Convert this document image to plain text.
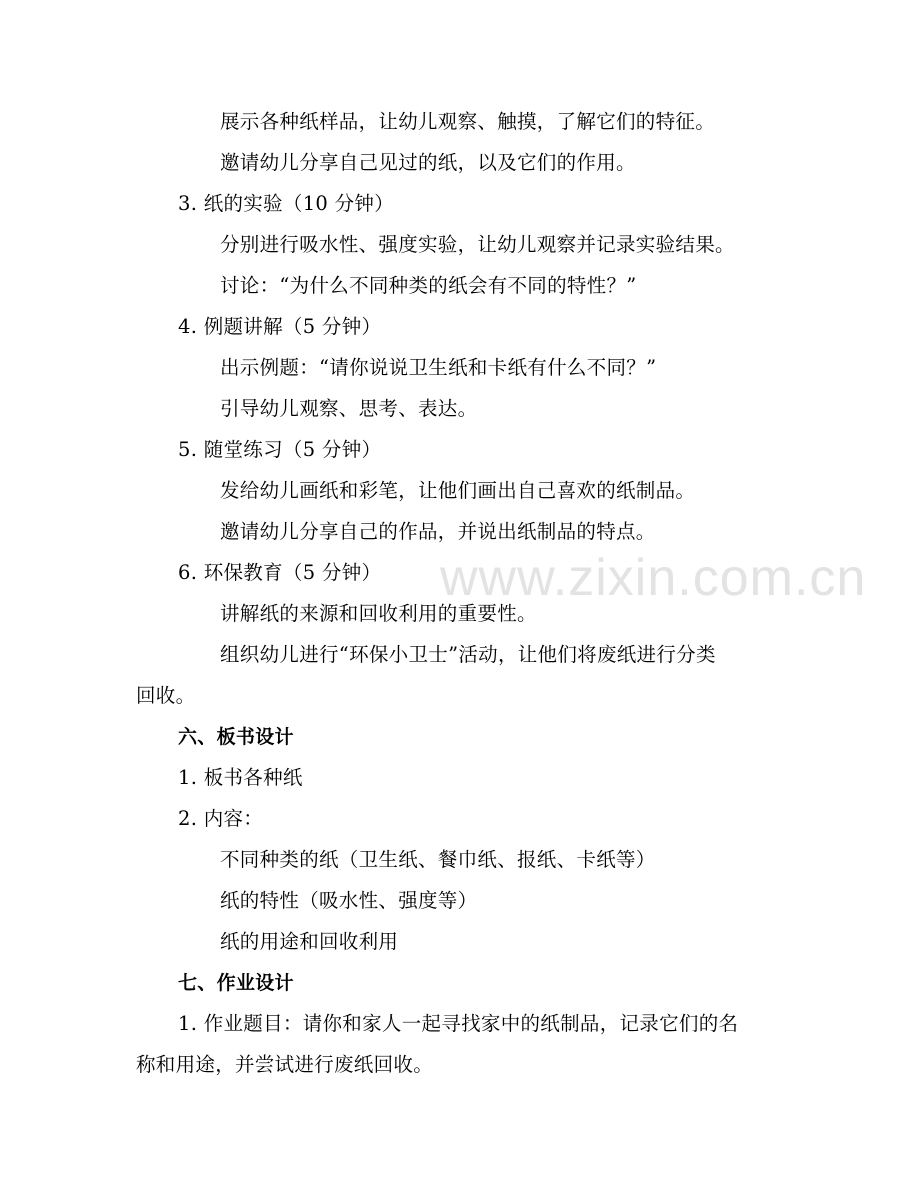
www.zixin.com.cn
展示各种纸样品，让幼儿观察、触摸，了解它们的特征。
邀请幼儿分享自己见过的纸，以及它们的作用。
3. 纸的实验（10 分钟）
分别进行吸水性、强度实验，让幼儿观察并记录实验结果。
讨论：“为什么不同种类的纸会有不同的特性？”
4. 例题讲解（5 分钟）
出示例题：“请你说说卫生纸和卡纸有什么不同？”
引导幼儿观察、思考、表达。
5. 随堂练习（5 分钟）
发给幼儿画纸和彩笔，让他们画出自己喜欢的纸制品。
邀请幼儿分享自己的作品，并说出纸制品的特点。
6. 环保教育（5 分钟）
讲解纸的来源和回收利用的重要性。
组织幼儿进行“环保小卫士”活动，让他们将废纸进行分类
回收。
六、板书设计
1. 板书各种纸
2. 内容：
不同种类的纸（卫生纸、餐巾纸、报纸、卡纸等）
纸的特性（吸水性、强度等）
纸的用途和回收利用
七、作业设计
1. 作业题目：请你和家人一起寻找家中的纸制品，记录它们的名
称和用途，并尝试进行废纸回收。
